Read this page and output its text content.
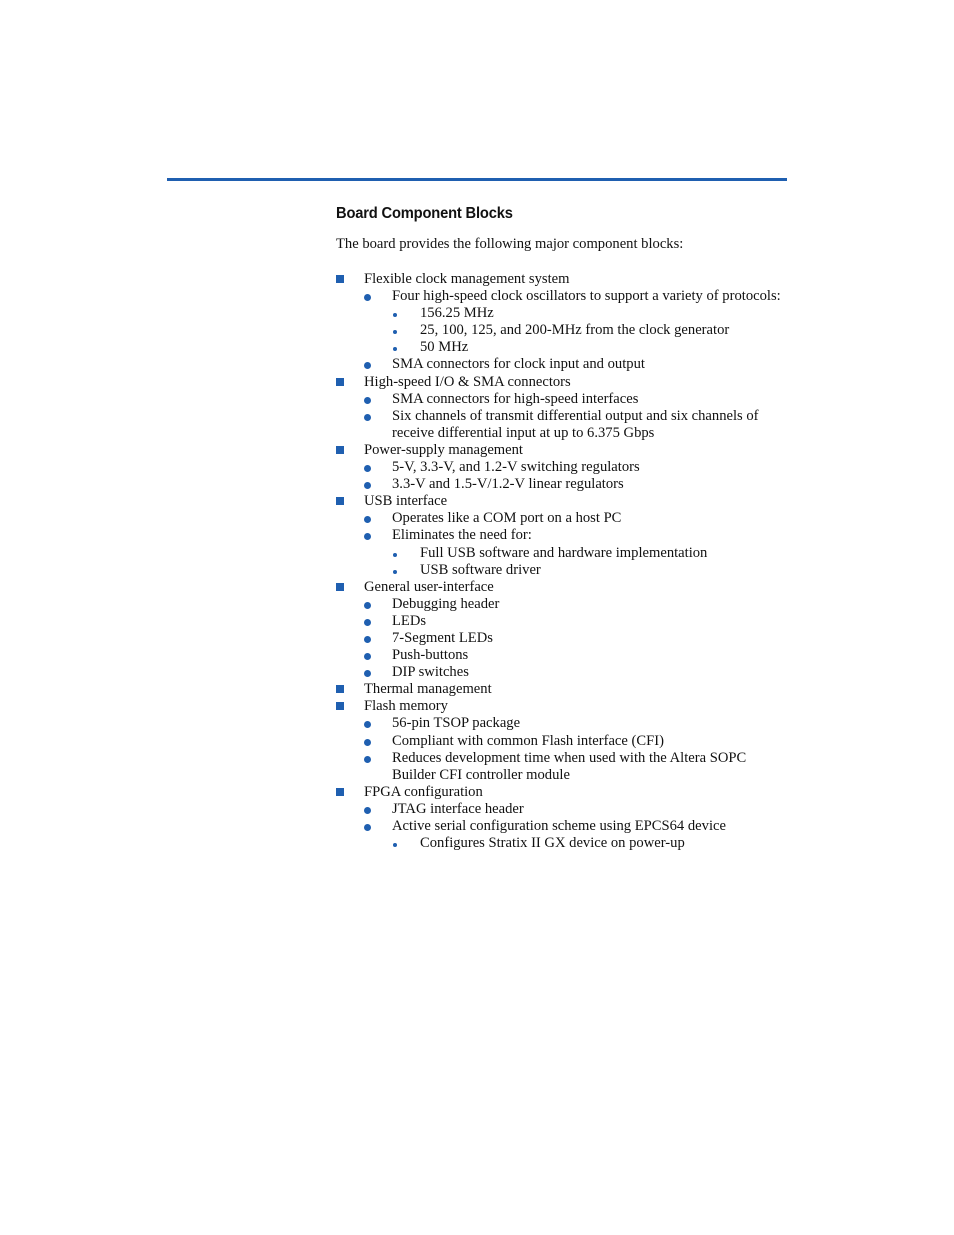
Board Component Blocks
The board provides the following major component blocks:
Flexible clock management system
Four high-speed clock oscillators to support a variety of protocols:
156.25 MHz
25, 100, 125, and 200-MHz from the clock generator
50 MHz
SMA connectors for clock input and output
High-speed I/O & SMA connectors
SMA connectors for high-speed interfaces
Six channels of transmit differential output and six channels of receive differential input at up to 6.375 Gbps
Power-supply management
5-V, 3.3-V, and 1.2-V switching regulators
3.3-V and 1.5-V/1.2-V linear regulators
USB interface
Operates like a COM port on a host PC
Eliminates the need for:
Full USB software and hardware implementation
USB software driver
General user-interface
Debugging header
LEDs
7-Segment LEDs
Push-buttons
DIP switches
Thermal management
Flash memory
56-pin TSOP package
Compliant with common Flash interface (CFI)
Reduces development time when used with the Altera SOPC Builder CFI controller module
FPGA configuration
JTAG interface header
Active serial configuration scheme using EPCS64 device
Configures Stratix II GX device on power-up
